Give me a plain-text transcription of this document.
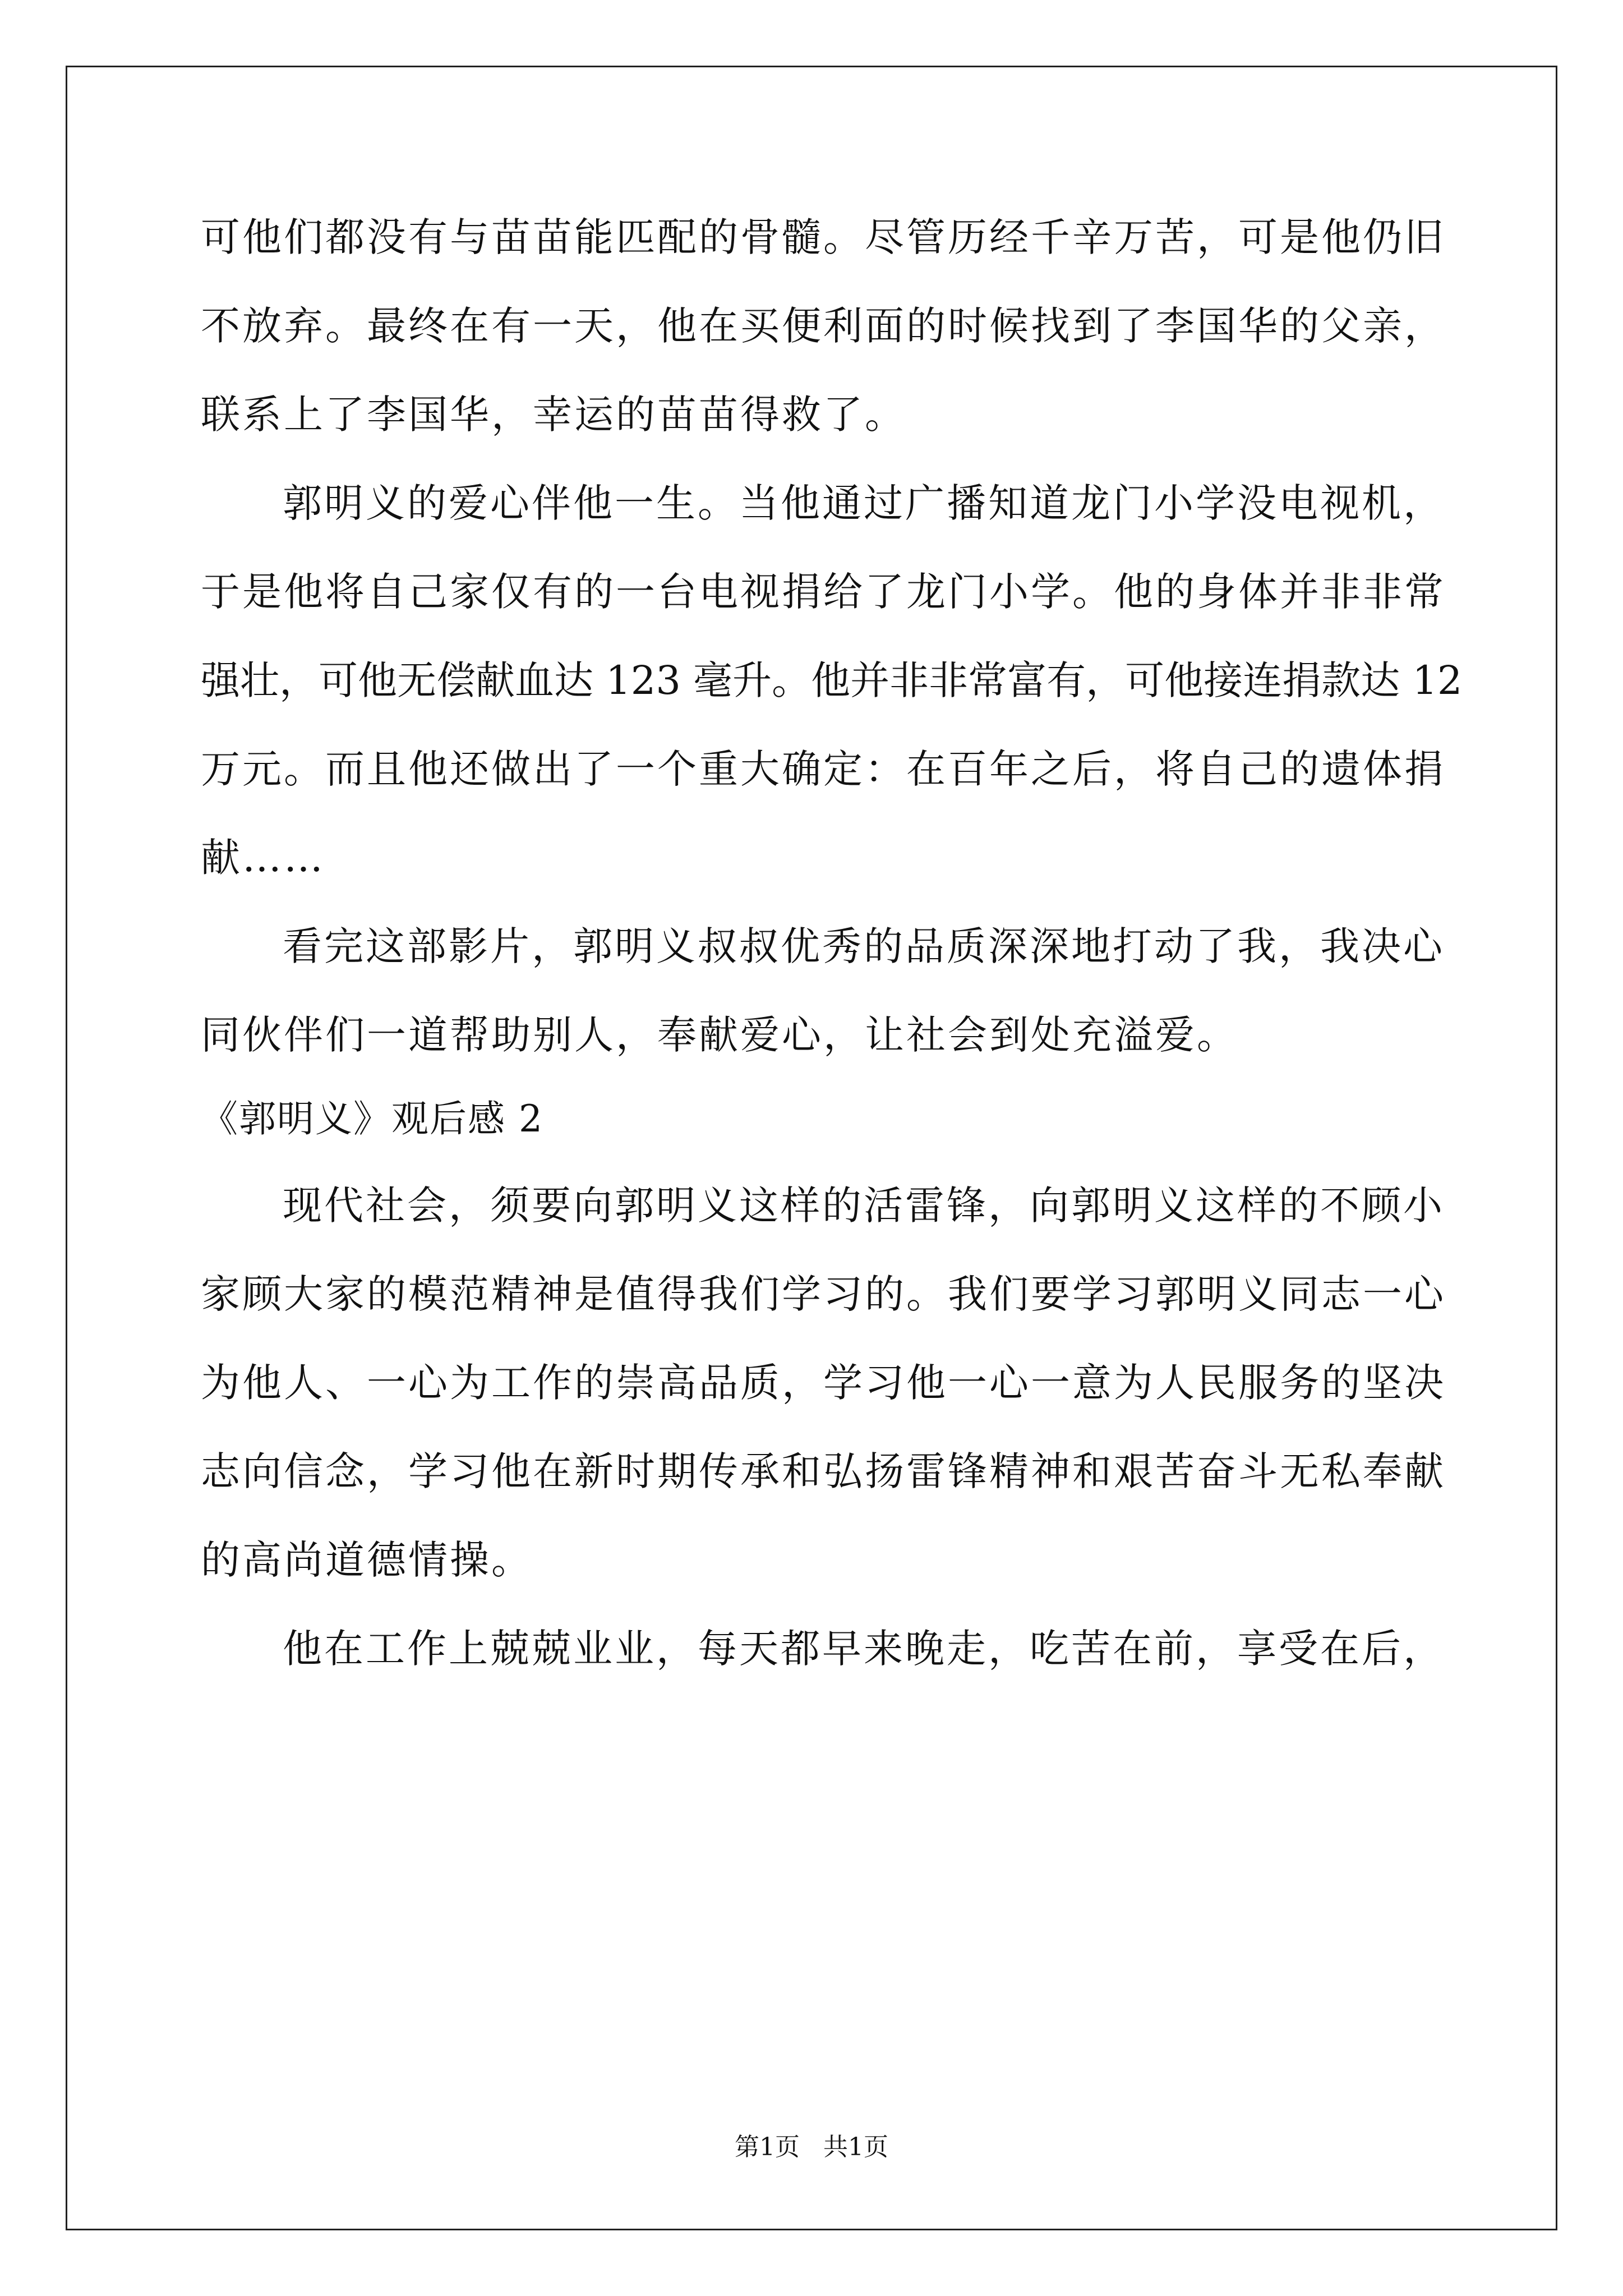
可他们都没有与苗苗能匹配的骨髓。尽管历经千辛万苦，可是他仍旧
不放弃。最终在有一天，他在买便利面的时候找到了李国华的父亲，
联系上了李国华，幸运的苗苗得救了。
郭明义的爱心伴他一生。当他通过广播知道龙门小学没电视机，
于是他将自己家仅有的一台电视捐给了龙门小学。他的身体并非非常
强壮，可他无偿献血达 123 毫升。他并非非常富有，可他接连捐款达 12
万元。而且他还做出了一个重大确定：在百年之后，将自己的遗体捐
献……
看完这部影片，郭明义叔叔优秀的品质深深地打动了我，我决心
同伙伴们一道帮助别人，奉献爱心，让社会到处充溢爱。
《郭明义》观后感 2
现代社会，须要向郭明义这样的活雷锋，向郭明义这样的不顾小
家顾大家的模范精神是值得我们学习的。我们要学习郭明义同志一心
为他人、一心为工作的崇高品质，学习他一心一意为人民服务的坚决
志向信念，学习他在新时期传承和弘扬雷锋精神和艰苦奋斗无私奉献
的高尚道德情操。
他在工作上兢兢业业，每天都早来晚走，吃苦在前，享受在后，
第1页   共1页
